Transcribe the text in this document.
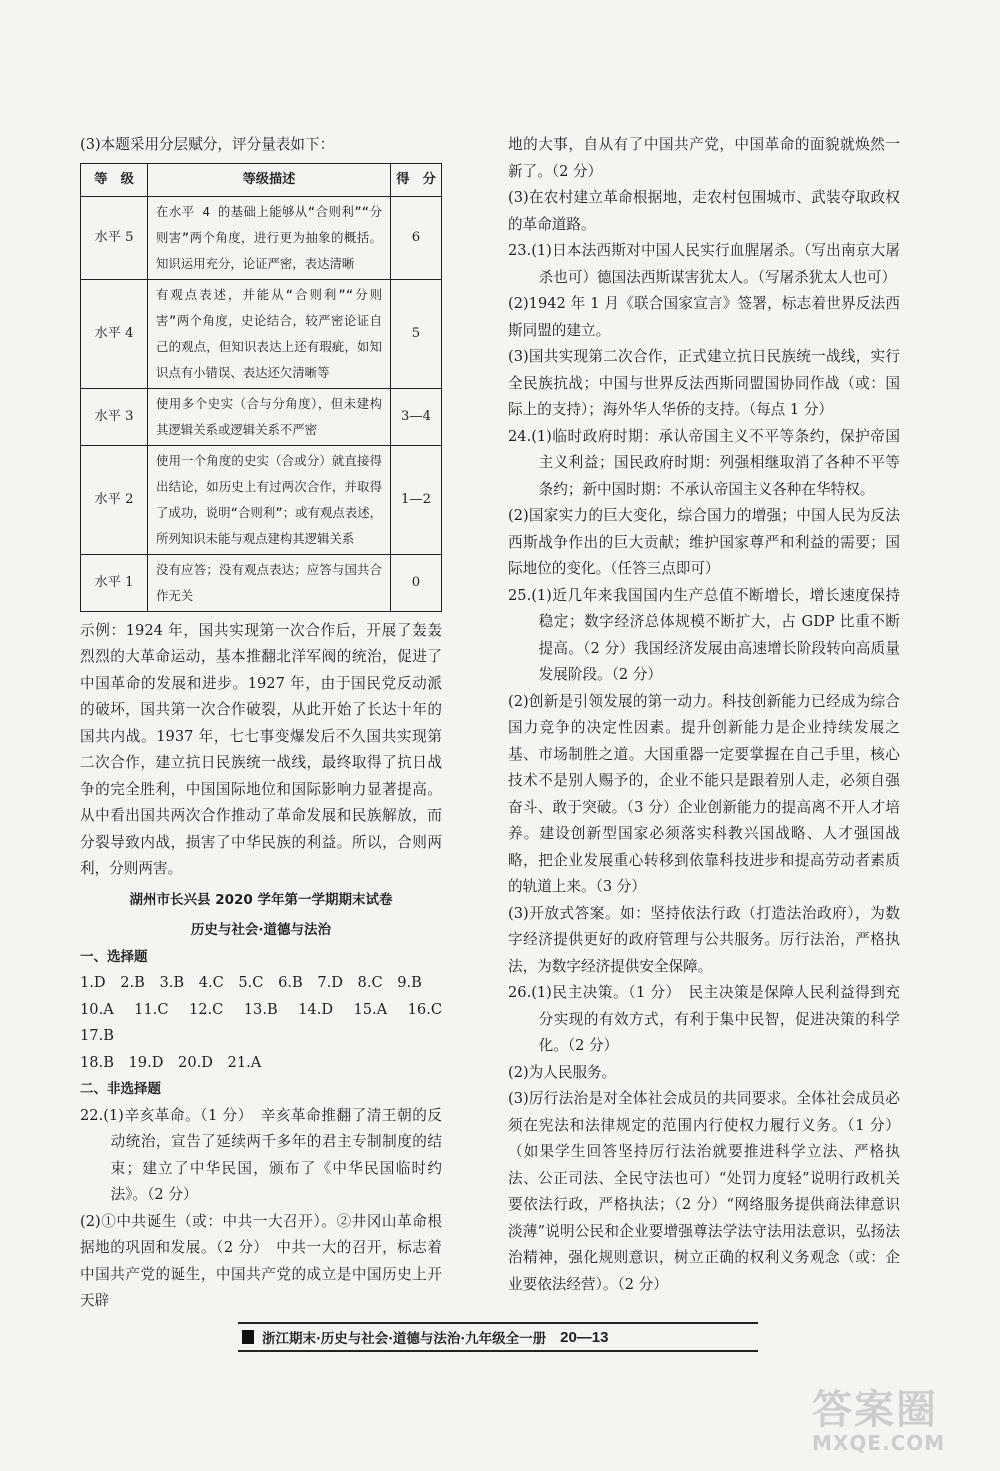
(3)本题采用分层赋分，评分量表如下：

等　级	等级描述	得　分
水平 5	在水平 4 的基础上能够从“合则利”“分则害”两个角度，进行更为抽象的概括。知识运用充分，论证严密，表达清晰	6
水平 4	有观点表述，并能从“合则利”“分则害”两个角度，史论结合，较严密论证自己的观点，但知识表达上还有瑕疵，如知识点有小错误、表达还欠清晰等	5
水平 3	使用多个史实（合与分角度），但未建构其逻辑关系或逻辑关系不严密	3—4
水平 2	使用一个角度的史实（合或分）就直接得出结论，如历史上有过两次合作，并取得了成功，说明“合则利”；或有观点表述，所列知识未能与观点建构其逻辑关系	1—2
水平 1	没有应答；没有观点表达；应答与国共合作无关	0

示例：1924 年，国共实现第一次合作后，开展了轰轰烈烈的大革命运动，基本推翻北洋军阀的统治，促进了中国革命的发展和进步。1927 年，由于国民党反动派的破坏，国共第一次合作破裂，从此开始了长达十年的国共内战。1937 年，七七事变爆发后不久国共实现第二次合作，建立抗日民族统一战线，最终取得了抗日战争的完全胜利，中国国际地位和国际影响力显著提高。从中看出国共两次合作推动了革命发展和民族解放，而分裂导致内战，损害了中华民族的利益。所以，合则两利，分则两害。

湖州市长兴县 2020 学年第一学期期末试卷

历史与社会·道德与法治

一、选择题

1.D　2.B　3.B　4.C　5.C　6.B　7.D　8.C　9.B

10.A　11.C　12.C　13.B　14.D　15.A　16.C　17.B

18.B　19.D　20.D　21.A

二、非选择题

22.(1)辛亥革命。（1 分）　辛亥革命推翻了清王朝的反动统治，宣告了延续两千多年的君主专制制度的结束；建立了中华民国，颁布了《中华民国临时约法》。（2 分）

(2)①中共诞生（或：中共一大召开）。②井冈山革命根据地的巩固和发展。（2 分）　中共一大的召开，标志着中国共产党的诞生，中国共产党的成立是中国历史上开天辟

地的大事，自从有了中国共产党，中国革命的面貌就焕然一新了。（2 分）

(3)在农村建立革命根据地，走农村包围城市、武装夺取政权的革命道路。

23.(1)日本法西斯对中国人民实行血腥屠杀。（写出南京大屠杀也可）德国法西斯谋害犹太人。（写屠杀犹太人也可）

(2)1942 年 1 月《联合国家宣言》签署，标志着世界反法西斯同盟的建立。

(3)国共实现第二次合作，正式建立抗日民族统一战线，实行全民族抗战；中国与世界反法西斯同盟国协同作战（或：国际上的支持）；海外华人华侨的支持。（每点 1 分）

24.(1)临时政府时期：承认帝国主义不平等条约，保护帝国主义利益；国民政府时期：列强相继取消了各种不平等条约；新中国时期：不承认帝国主义各种在华特权。

(2)国家实力的巨大变化，综合国力的增强；中国人民为反法西斯战争作出的巨大贡献；维护国家尊严和利益的需要；国际地位的变化。（任答三点即可）

25.(1)近几年来我国国内生产总值不断增长，增长速度保持稳定；数字经济总体规模不断扩大，占 GDP 比重不断提高。（2 分）我国经济发展由高速增长阶段转向高质量发展阶段。（2 分）

(2)创新是引领发展的第一动力。科技创新能力已经成为综合国力竞争的决定性因素。提升创新能力是企业持续发展之基、市场制胜之道。大国重器一定要掌握在自己手里，核心技术不是别人赐予的，企业不能只是跟着别人走，必须自强奋斗、敢于突破。（3 分）企业创新能力的提高离不开人才培养。建设创新型国家必须落实科教兴国战略、人才强国战略，把企业发展重心转移到依靠科技进步和提高劳动者素质的轨道上来。（3 分）

(3)开放式答案。如：坚持依法行政（打造法治政府），为数字经济提供更好的政府管理与公共服务。厉行法治，严格执法，为数字经济提供安全保障。

26.(1)民主决策。（1 分）　民主决策是保障人民利益得到充分实现的有效方式，有利于集中民智，促进决策的科学化。（2 分）

(2)为人民服务。

(3)厉行法治是对全体社会成员的共同要求。全体社会成员必须在宪法和法律规定的范围内行使权力履行义务。（1 分）（如果学生回答坚持厉行法治就要推进科学立法、严格执法、公正司法、全民守法也可）“处罚力度轻”说明行政机关要依法行政，严格执法；（2 分）“网络服务提供商法律意识淡薄”说明公民和企业要增强尊法学法守法用法意识，弘扬法治精神，强化规则意识，树立正确的权利义务观念（或：企业要依法经营）。（2 分）

浙江期末·历史与社会·道德与法治·九年级全一册 20—13
答案圈
MXQE.COM
